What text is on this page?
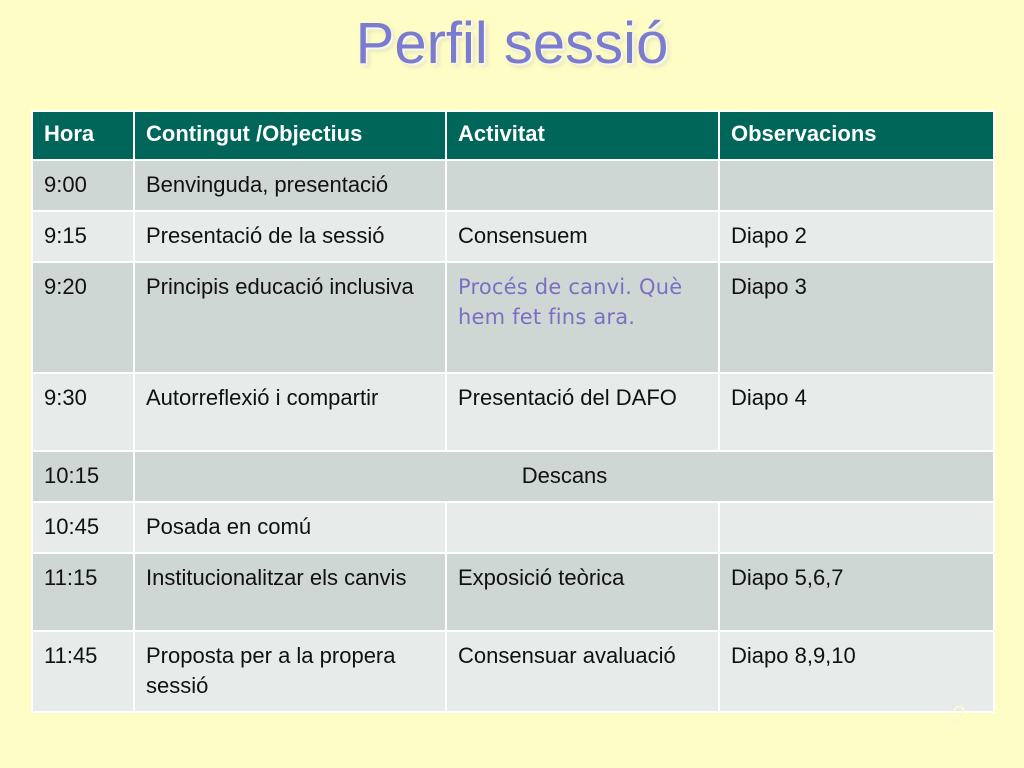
Perfil sessió
Hora	Contingut /Objectius	Activitat	Observacions
9:00	Benvinguda, presentació		
9:15	Presentació de la sessió	Consensuem	Diapo 2
9:20	Principis educació inclusiva	Procés de canvi. Què hem fet fins ara.	Diapo 3
9:30	Autorreflexió i compartir	Presentació del DAFO	Diapo 4
10:15	Descans		
10:45	Posada en comú		
11:15	Institucionalitzar els canvis	Exposició teòrica	Diapo 5,6,7
11:45	Proposta per a la propera sessió	Consensuar avaluació	Diapo 8,9,10
2
